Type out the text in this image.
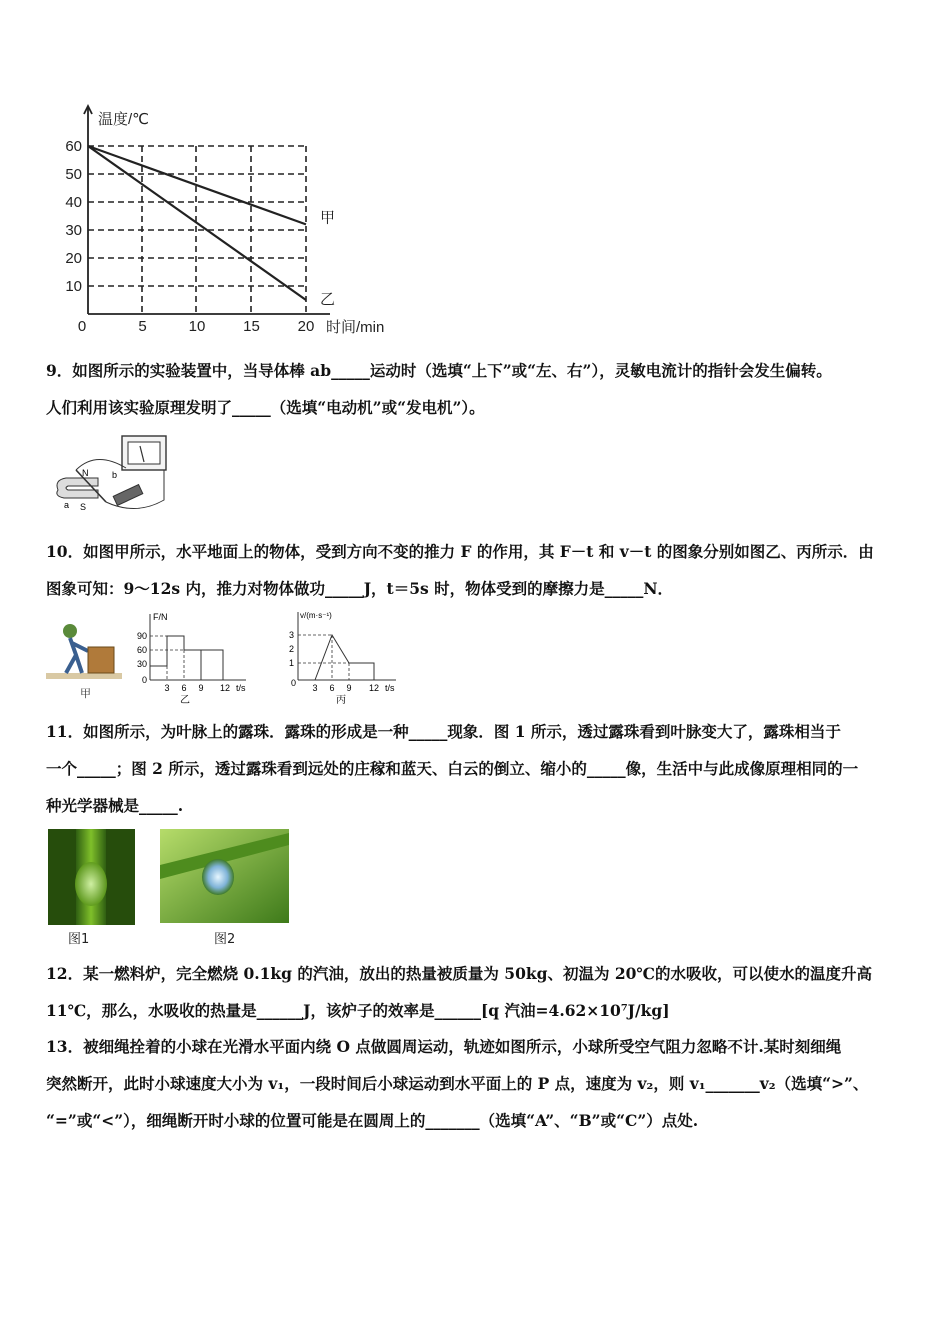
温度/℃
时间/min
10
20
30
40
50
60
0	5	10	15	20
甲
乙
9．如图所示的实验装置中，当导体棒 ab_____运动时（选填“上下”或“左、右”），灵敏电流计的指针会发生偏转。
人们利用该实验原理发明了_____（选填“电动机”或“发电机”）。
N
S
a
b
10．如图甲所示，水平地面上的物体，受到方向不变的推力 F 的作用，其 F－t 和 v－t 的图象分别如图乙、丙所示．由
图象可知：9～12s 内，推力对物体做功_____J，t＝5s 时，物体受到的摩擦力是_____N．
甲
F/N
90
60
30
0
3 6 9 12 t/s
乙
v/(m·s⁻¹)
3
2
1
0 3 6 9 12 t/s
丙
11．如图所示，为叶脉上的露珠．露珠的形成是一种_____现象．图 1 所示，透过露珠看到叶脉变大了，露珠相当于
一个_____；图 2 所示，透过露珠看到远处的庄稼和蓝天、白云的倒立、缩小的_____像，生活中与此成像原理相同的一
种光学器械是_____.
图1	图2
12．某一燃料炉，完全燃烧 0.1kg 的汽油，放出的热量被质量为 50kg、初温为 20℃的水吸收，可以使水的温度升高
11℃，那么，水吸收的热量是______J，该炉子的效率是______[q 汽油=4.62×10⁷J/kg]
13．被细绳拴着的小球在光滑水平面内绕 O 点做圆周运动，轨迹如图所示，小球所受空气阻力忽略不计.某时刻细绳
突然断开，此时小球速度大小为 v₁，一段时间后小球运动到水平面上的 P 点，速度为 v₂，则 v₁_______v₂（选填“>”、
“=”或“<”），细绳断开时小球的位置可能是在圆周上的_______（选填“A”、“B”或“C”）点处.
